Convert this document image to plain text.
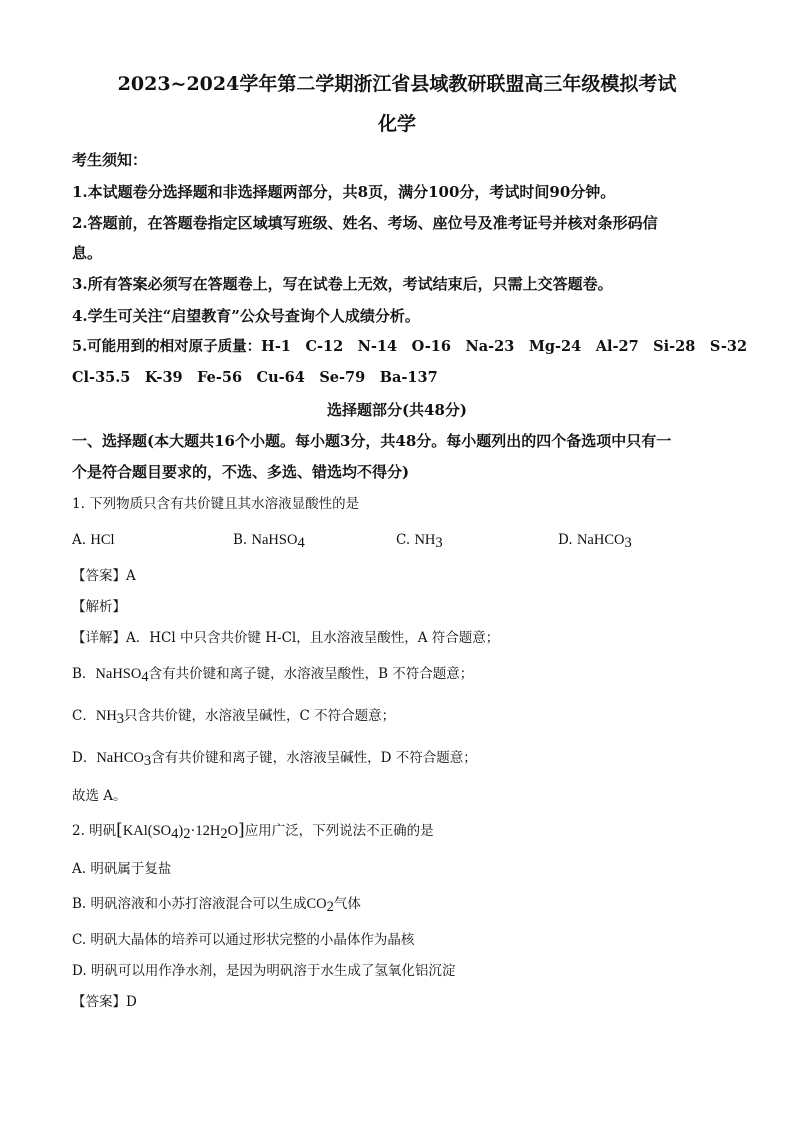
2023~2024学年第二学期浙江省县域教研联盟高三年级模拟考试
化学
考生须知：
1.本试题卷分选择题和非选择题两部分，共8页，满分100分，考试时间90分钟。
2.答题前，在答题卷指定区域填写班级、姓名、考场、座位号及准考证号并核对条形码信
息。
3.所有答案必须写在答题卷上，写在试卷上无效，考试结束后，只需上交答题卷。
4.学生可关注“启望教育”公众号查询个人成绩分析。
5.可能用到的相对原子质量：H-1　C-12　N-14　O-16　Na-23　Mg-24　Al-27　Si-28　S-32
Cl-35.5　K-39　Fe-56　Cu-64　Se-79　Ba-137
选择题部分(共48分)
一、选择题(本大题共16个小题。每小题3分，共48分。每小题列出的四个备选项中只有一
个是符合题目要求的，不选、多选、错选均不得分)
1. 下列物质只含有共价键且其水溶液显酸性的是
A. HCl	B. NaHSO$_4$	C. $NH_3$	D. NaHCO$_3$
【答案】A
【解析】
【详解】A．HCl 中只含共价键 H-Cl，且水溶液呈酸性，A 符合题意；
B．NaHSO$_4$含有共价键和离子键，水溶液呈酸性，B 不符合题意；
C．$NH_3$只含共价键，水溶液呈碱性，C 不符合题意；
D．NaHCO$_3$含有共价键和离子键，水溶液呈碱性，D 不符合题意；
故选 A。
2. 明矾$[KAl(SO_4)_2\cdot 12H_2O]$应用广泛，下列说法不正确的是
A. 明矾属于复盐
B. 明矾溶液和小苏打溶液混合可以生成$CO_2$气体
C. 明矾大晶体的培养可以通过形状完整的小晶体作为晶核
D. 明矾可以用作净水剂，是因为明矾溶于水生成了氢氧化铝沉淀
【答案】D
